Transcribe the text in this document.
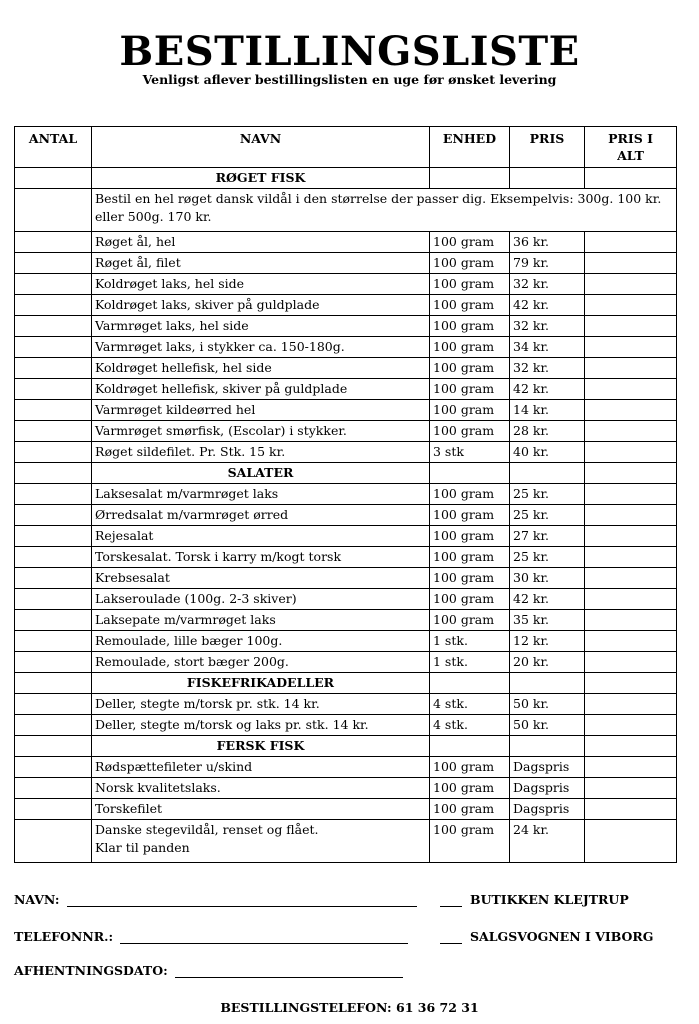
BESTILLINGSLISTE
Venligst aflever bestillingslisten en uge før ønsket levering
ANTAL	NAVN	ENHED	PRIS	PRIS I ALT
	RØGET FISK			
	Bestil en hel røget dansk vildål i den størrelse der passer dig. Eksempelvis: 300g. 100 kr. eller 500g. 170 kr.			
	Røget ål, hel	100 gram	36 kr.	
	Røget ål, filet	100 gram	79 kr.	
	Koldrøget laks, hel side	100 gram	32 kr.	
	Koldrøget laks, skiver på guldplade	100 gram	42 kr.	
	Varmrøget laks, hel side	100 gram	32 kr.	
	Varmrøget laks, i stykker ca. 150-180g.	100 gram	34 kr.	
	Koldrøget hellefisk, hel side	100 gram	32 kr.	
	Koldrøget hellefisk, skiver på guldplade	100 gram	42 kr.	
	Varmrøget kildeørred hel	100 gram	14 kr.	
	Varmrøget smørfisk, (Escolar) i stykker.	100 gram	28 kr.	
	Røget sildefilet. Pr. Stk. 15 kr.	3 stk	40 kr.	
	SALATER			
	Laksesalat m/varmrøget laks	100 gram	25 kr.	
	Ørredsalat m/varmrøget ørred	100 gram	25 kr.	
	Rejesalat	100 gram	27 kr.	
	Torskesalat. Torsk i karry m/kogt torsk	100 gram	25 kr.	
	Krebsesalat	100 gram	30 kr.	
	Lakseroulade (100g. 2-3 skiver)	100 gram	42 kr.	
	Laksepate m/varmrøget laks	100 gram	35 kr.	
	Remoulade, lille bæger 100g.	1 stk.	12 kr.	
	Remoulade, stort bæger 200g.	1 stk.	20 kr.	
	FISKEFRIKADELLER			
	Deller, stegte m/torsk pr. stk. 14 kr.	4 stk.	50 kr.	
	Deller, stegte m/torsk og laks pr. stk. 14 kr.	4 stk.	50 kr.	
	FERSK FISK			
	Rødspættefileter u/skind	100 gram	Dagspris	
	Norsk kvalitetslaks.	100 gram	Dagspris	
	Torskefilet	100 gram	Dagspris	
	Danske stegevildål, renset og flået.
Klar til panden	100 gram	24 kr.	
NAVN:	BUTIKKEN KLEJTRUP
TELEFONNR.:	SALGSVOGNEN I VIBORG
AFHENTNINGSDATO:
BESTILLINGSTELEFON: 61 36 72 31
